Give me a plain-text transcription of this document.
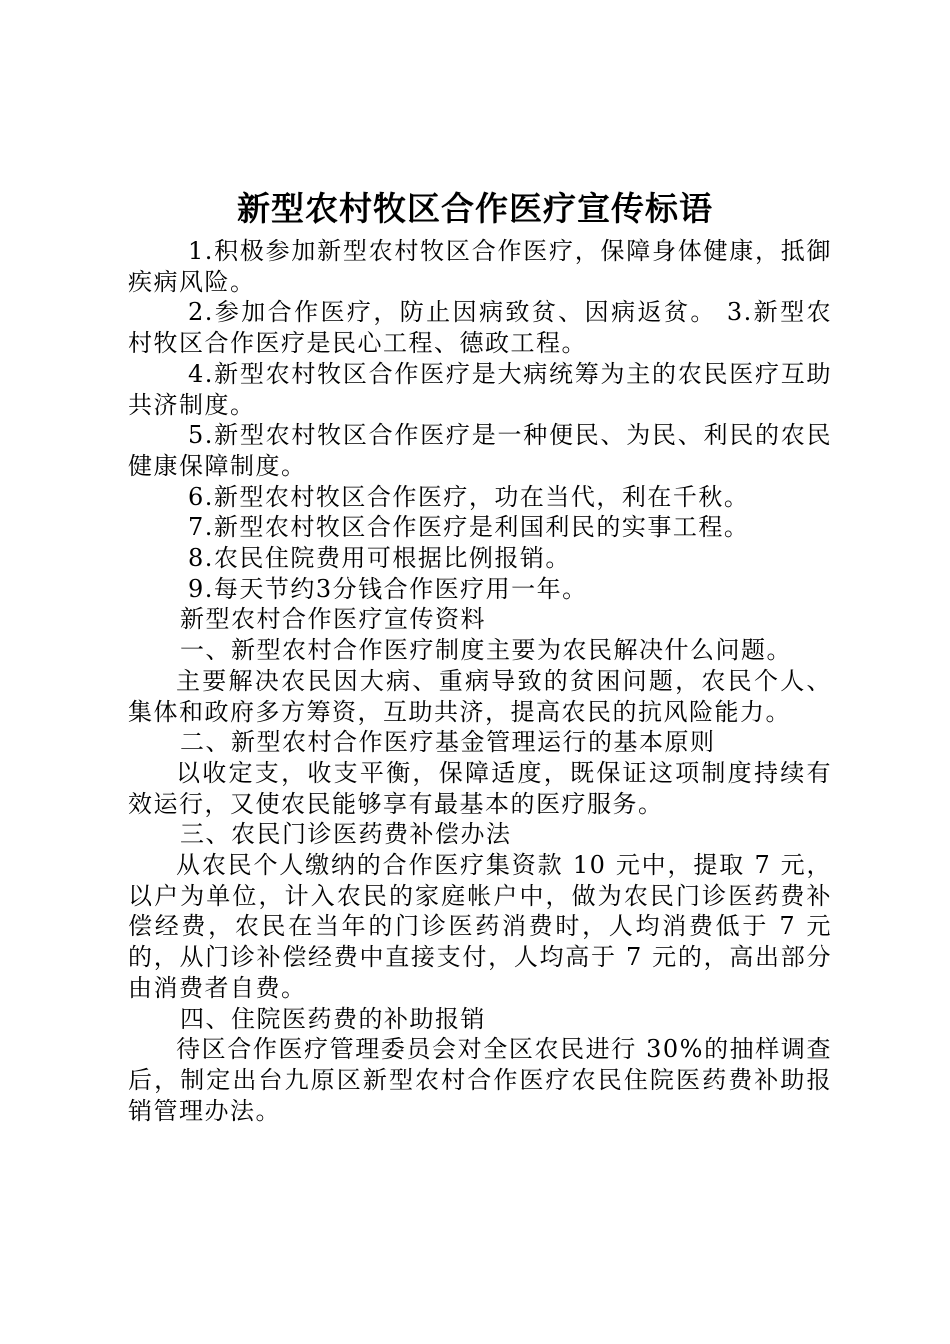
新型农村牧区合作医疗宣传标语

1.积极参加新型农村牧区合作医疗，保障身体健康，抵御疾病风险。

2.参加合作医疗，防止因病致贫、因病返贫。 3.新型农村牧区合作医疗是民心工程、德政工程。

4.新型农村牧区合作医疗是大病统筹为主的农民医疗互助共济制度。

5.新型农村牧区合作医疗是一种便民、为民、利民的农民健康保障制度。

6.新型农村牧区合作医疗，功在当代，利在千秋。

7.新型农村牧区合作医疗是利国利民的实事工程。

8.农民住院费用可根据比例报销。

9.每天节约3分钱合作医疗用一年。

新型农村合作医疗宣传资料

一、新型农村合作医疗制度主要为农民解决什么问题。

主要解决农民因大病、重病导致的贫困问题，农民个人、集体和政府多方筹资，互助共济，提高农民的抗风险能力。

二、新型农村合作医疗基金管理运行的基本原则

以收定支，收支平衡，保障适度，既保证这项制度持续有效运行，又使农民能够享有最基本的医疗服务。

三、农民门诊医药费补偿办法

从农民个人缴纳的合作医疗集资款 10 元中，提取 7 元，以户为单位，计入农民的家庭帐户中，做为农民门诊医药费补偿经费，农民在当年的门诊医药消费时，人均消费低于 7 元的，从门诊补偿经费中直接支付，人均高于 7 元的，高出部分由消费者自费。

四、住院医药费的补助报销

待区合作医疗管理委员会对全区农民进行 30%的抽样调查后，制定出台九原区新型农村合作医疗农民住院医药费补助报销管理办法。
